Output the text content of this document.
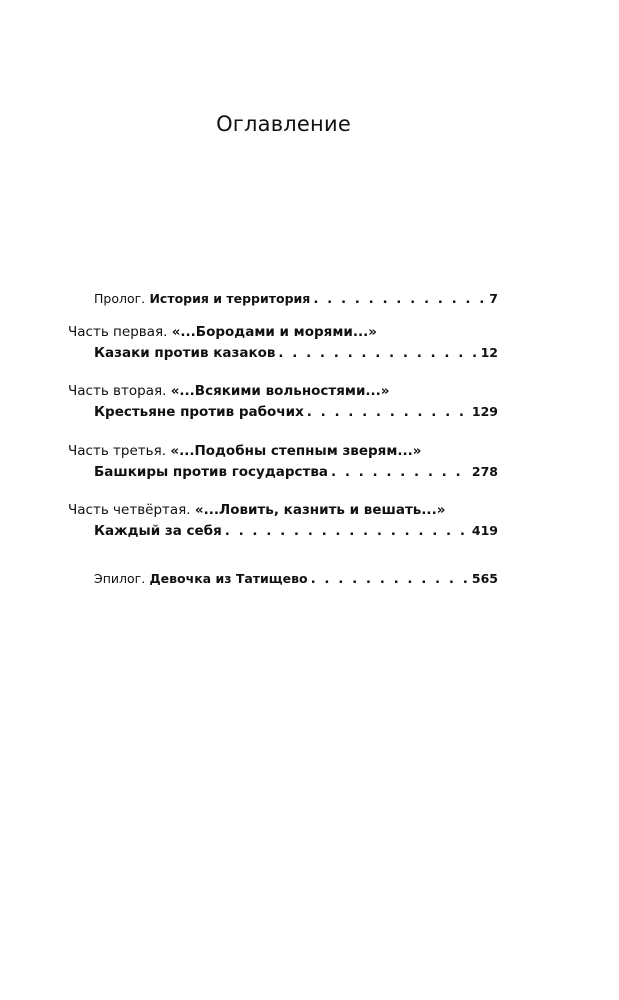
Оглавление
Пролог.
История и территория . . .	7
Часть первая.
«...Бородами и морями...»
Казаки против казаков . . .	12
Часть вторая.
«...Всякими вольностями...»
Крестьяне против рабочих . . .	129
Часть третья.
«...Подобны степным зверям...»
Башкиры против государства . . .	278
Часть четвёртая.
«...Ловить, казнить и вешать...»
Каждый за себя . . .	419
Эпилог.
Девочка из Татищево . . .	565
